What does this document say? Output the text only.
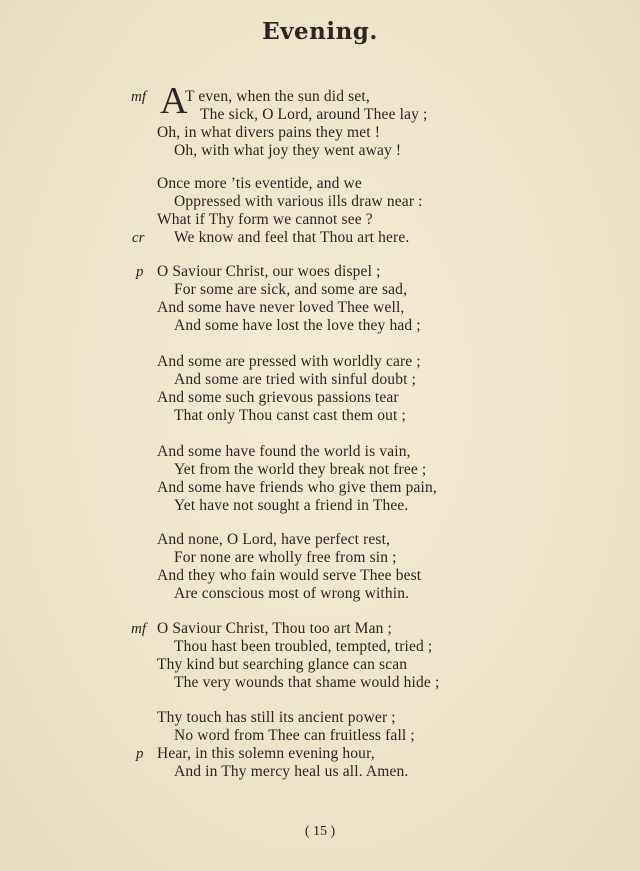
Evening.
A
T even, when the sun did set,
mf
The sick, O Lord, around Thee lay ;
Oh, in what divers pains they met !
Oh, with what joy they went away !
Once more ’tis eventide, and we
Oppressed with various ills draw near :
What if Thy form we cannot see ?
We know and feel that Thou art here.
cr
O Saviour Christ, our woes dispel ;
p
For some are sick, and some are sad,
And some have never loved Thee well,
And some have lost the love they had ;
And some are pressed with worldly care ;
And some are tried with sinful doubt ;
And some such grievous passions tear
That only Thou canst cast them out ;
And some have found the world is vain,
Yet from the world they break not free ;
And some have friends who give them pain,
Yet have not sought a friend in Thee.
And none, O Lord, have perfect rest,
For none are wholly free from sin ;
And they who fain would serve Thee best
Are conscious most of wrong within.
O Saviour Christ, Thou too art Man ;
mf
Thou hast been troubled, tempted, tried ;
Thy kind but searching glance can scan
The very wounds that shame would hide ;
Thy touch has still its ancient power ;
No word from Thee can fruitless fall ;
Hear, in this solemn evening hour,
p
And in Thy mercy heal us all. Amen.
( 15 )
